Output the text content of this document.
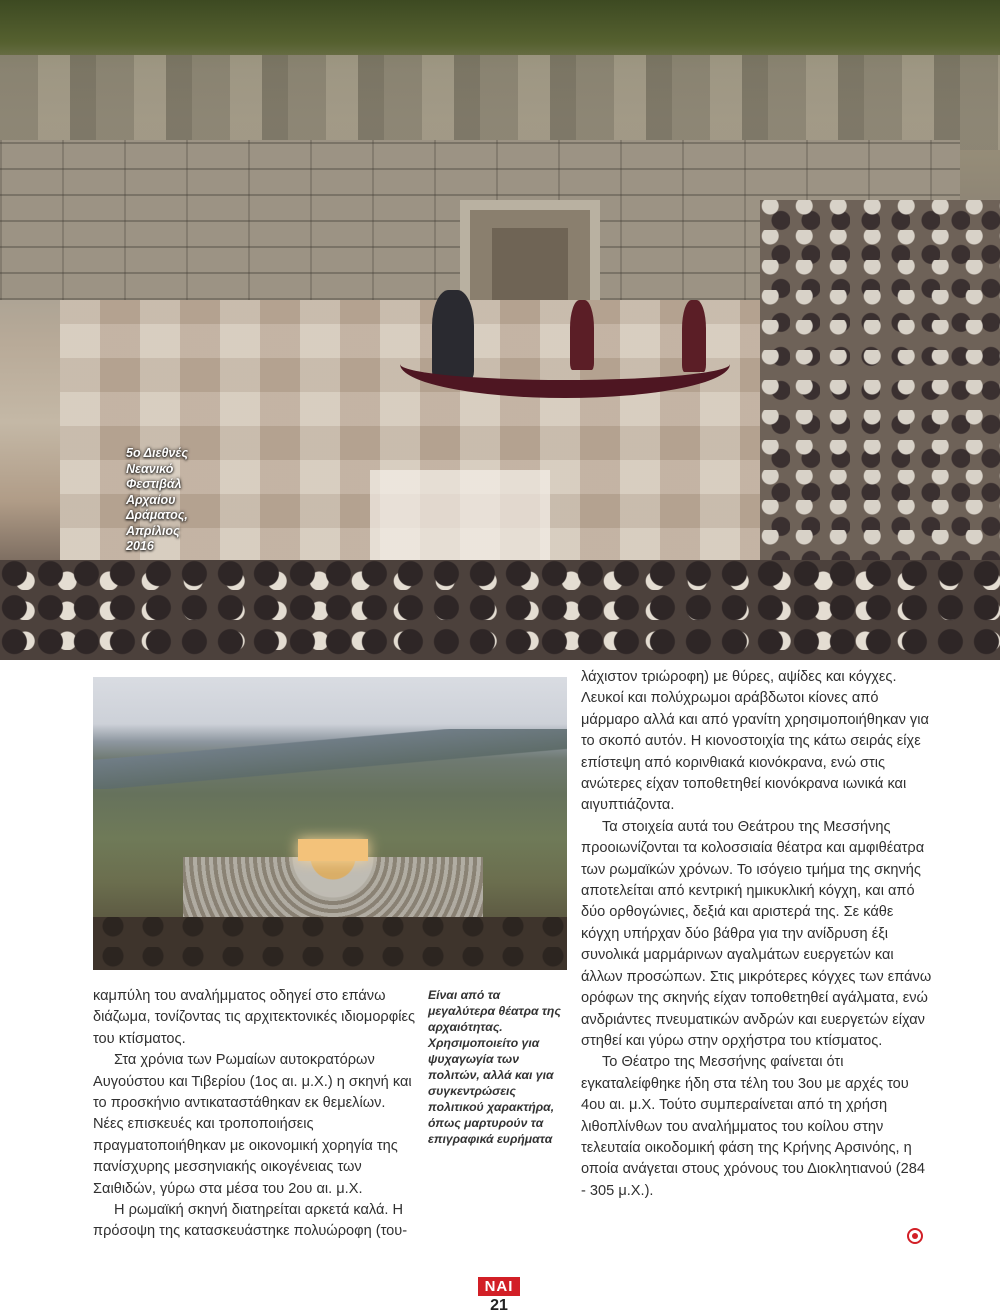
5ο Διεθνές
Νεανικό
Φεστιβάλ
Αρχαίου
Δράματος,
Απρίλιος
2016

καμπύλη του αναλήμματος οδηγεί στο επάνω διάζωμα, τονίζοντας τις αρχιτεκτονικές ιδιομορφίες του κτίσματος.

Στα χρόνια των Ρωμαίων αυτοκρατόρων Αυγούστου και Τιβερίου (1ος αι. μ.Χ.) η σκηνή και το προσκήνιο αντικαταστάθηκαν εκ θεμελίων. Νέες επισκευές και τροποποιήσεις πραγματοποιήθηκαν με οικονομική χορηγία της πανίσχυρης μεσσηνιακής οικογένειας των Σαιθιδών, γύρω στα μέσα του 2ου αι. μ.Χ.

Η ρωμαϊκή σκηνή διατηρείται αρκετά καλά. Η πρόσοψη της κατασκευάστηκε πολυώροφη (του-

Είναι από τα μεγαλύτερα θέατρα της αρχαιότητας. Χρησιμοποιείτο για ψυχαγωγία των πολιτών, αλλά και για συγκεντρώσεις πολιτικού χαρακτήρα, όπως μαρτυρούν τα επιγραφικά ευρήματα

λάχιστον τριώροφη) με θύρες, αψίδες και κόγχες. Λευκοί και πολύχρωμοι αράβδωτοι κίονες από μάρμαρο αλλά και από γρανίτη χρησιμοποιήθηκαν για το σκοπό αυτόν. Η κιονοστοιχία της κάτω σειράς είχε επίστεψη από κορινθιακά κιονόκρανα, ενώ στις ανώτερες είχαν τοποθετηθεί κιονόκρανα ιωνικά και αιγυπτιάζοντα.

Τα στοιχεία αυτά του Θεάτρου της Μεσσήνης προοιωνίζονται τα κολοσσιαία θέατρα και αμφιθέατρα των ρωμαϊκών χρόνων. Το ισόγειο τμήμα της σκηνής αποτελείται από κεντρική ημικυκλική κόγχη, και από δύο ορθογώνιες, δεξιά και αριστερά της. Σε κάθε κόγχη υπήρχαν δύο βάθρα για την ανίδρυση έξι συνολικά μαρμάρινων αγαλμάτων ευεργετών και άλλων προσώπων. Στις μικρότερες κόγχες των επάνω ορόφων της σκηνής είχαν τοποθετηθεί αγάλματα, ενώ ανδριάντες πνευματικών ανδρών και ευεργετών είχαν στηθεί και γύρω στην ορχήστρα του κτίσματος.

Το Θέατρο της Μεσσήνης φαίνεται ότι εγκαταλείφθηκε ήδη στα τέλη του 3ου με αρχές του 4ου αι. μ.Χ. Τούτο συμπεραίνεται από τη χρήση λιθοπλίνθων του αναλήμματος του κοίλου στην τελευταία οικοδομική φάση της Κρήνης Αρσινόης, η οποία ανάγεται στους χρόνους του Διοκλητιανού (284 - 305 μ.Χ.).

ΝΑΙ
21
